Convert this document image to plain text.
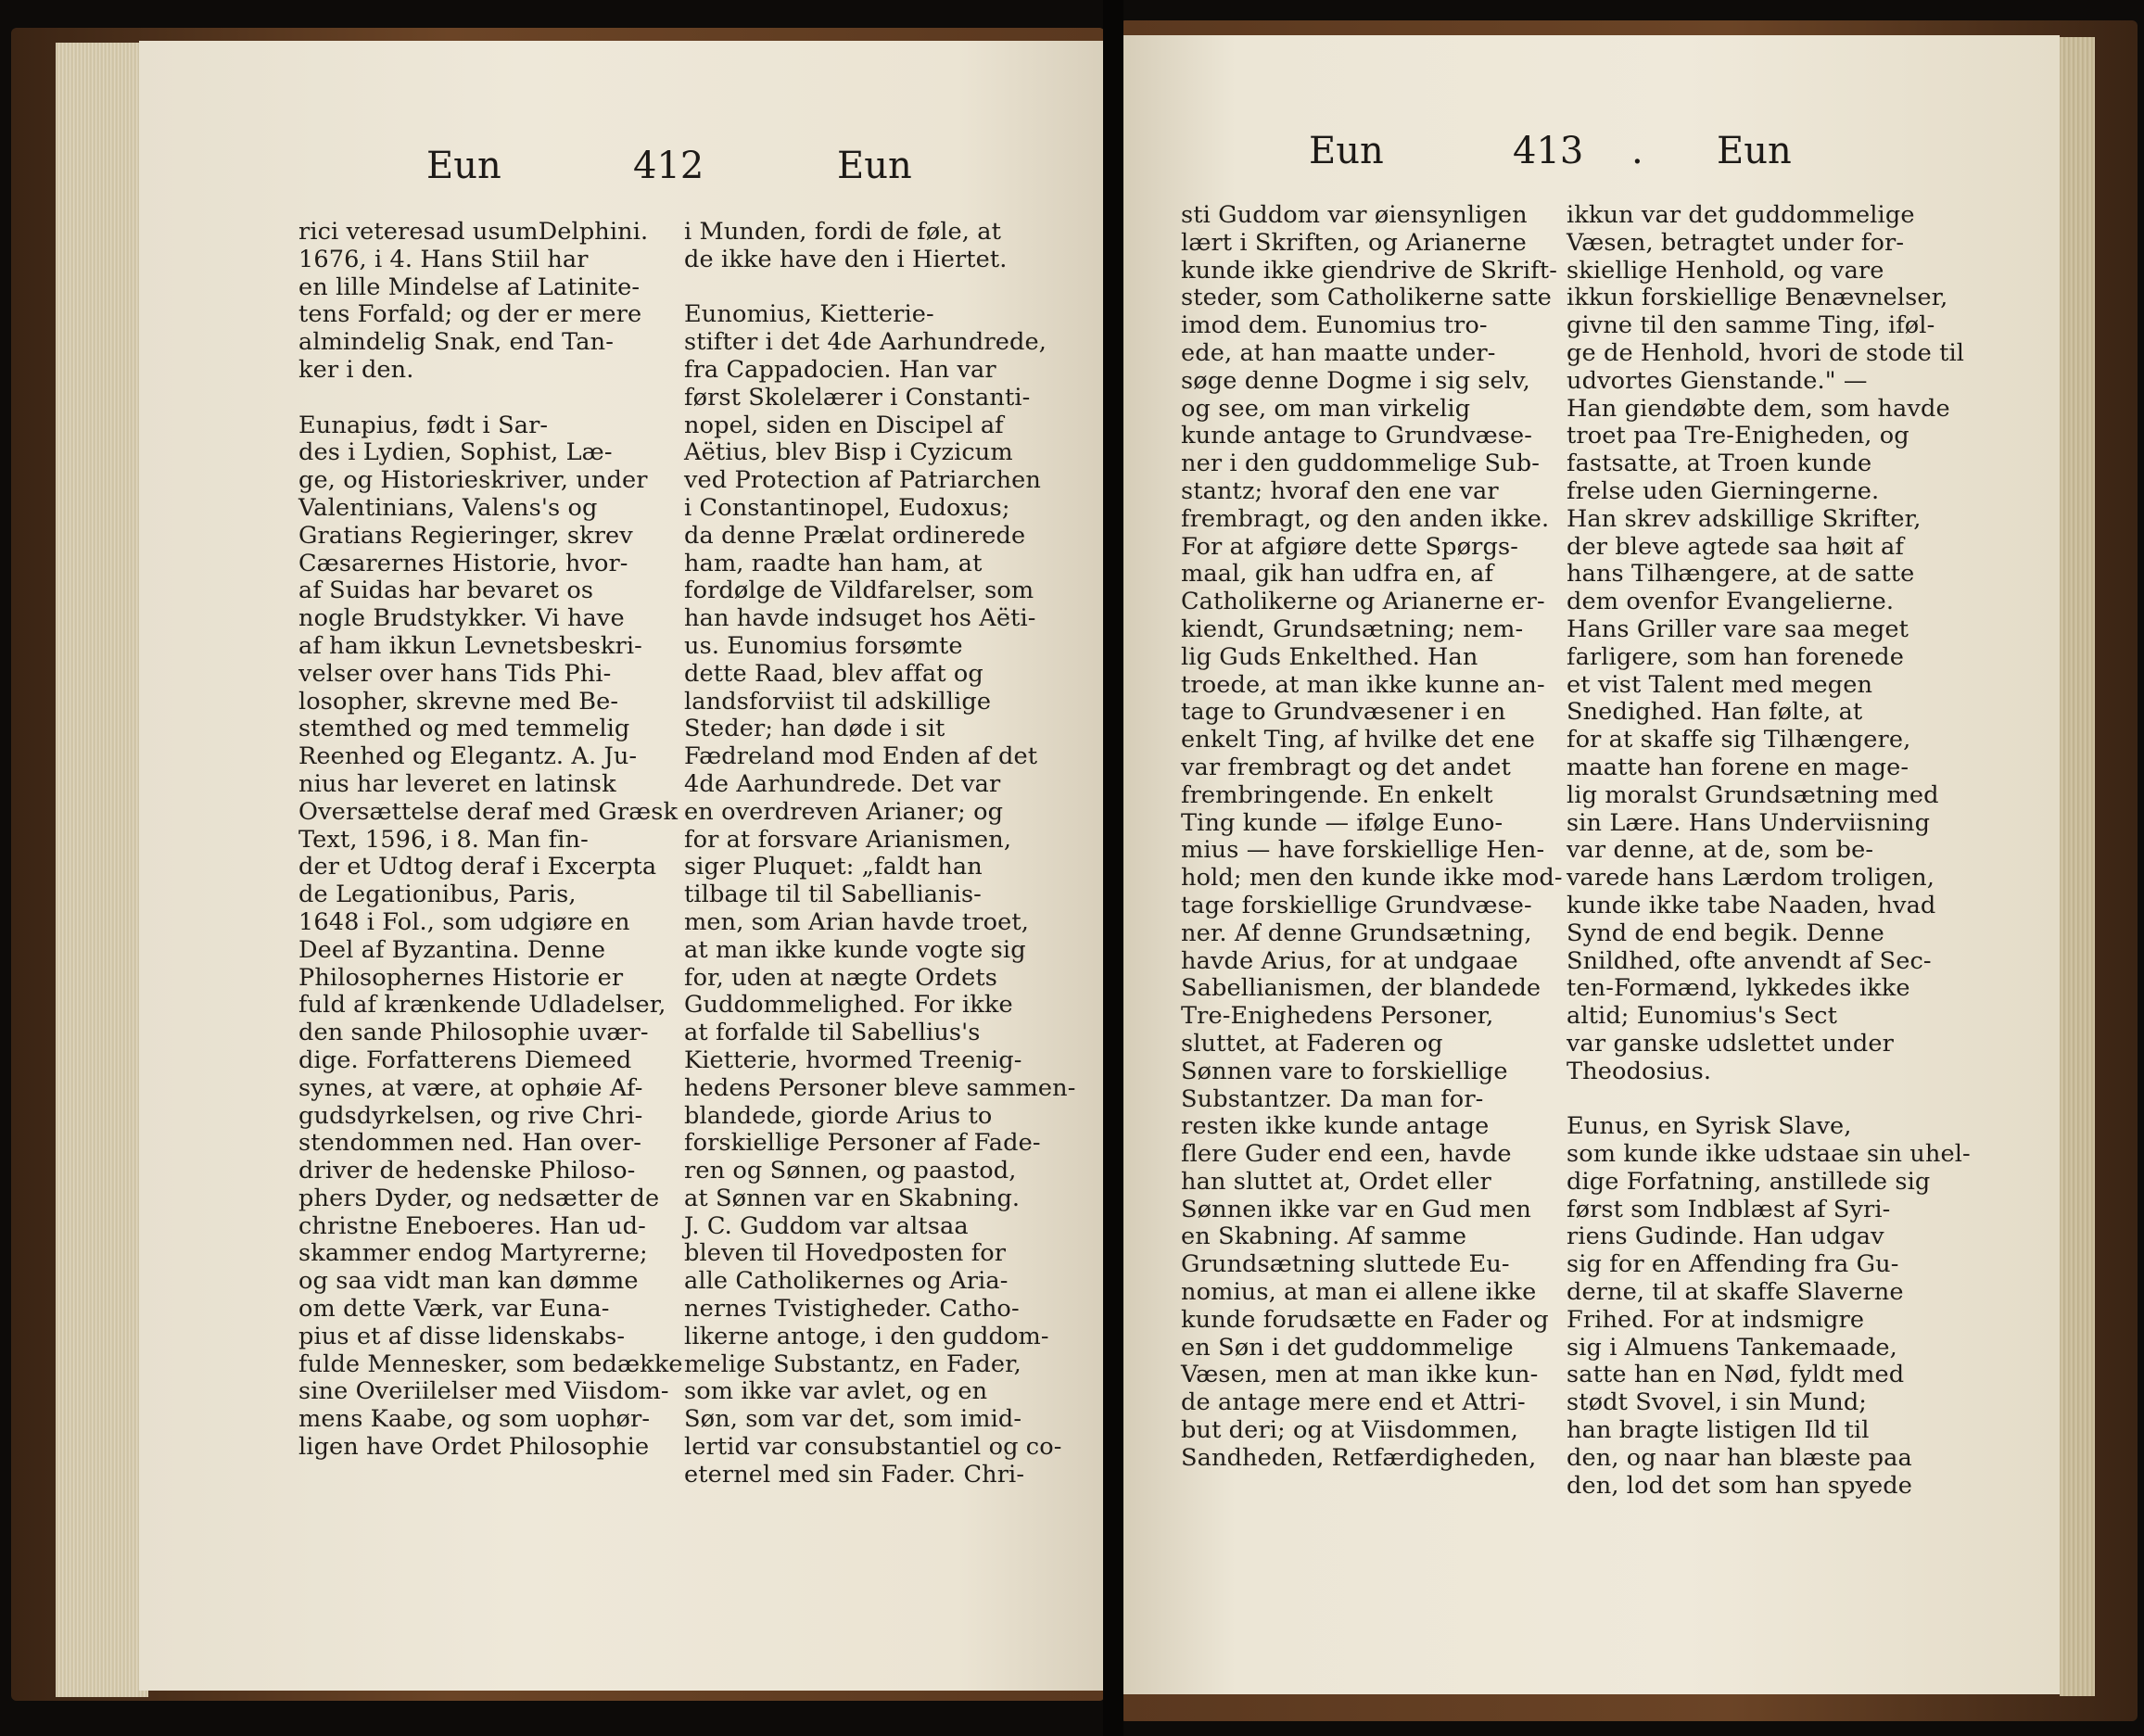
Eun	412	Eun	Eun	413 . Eun
rici veteresad usumDelphini.
1676, i 4. Hans Stiil har
en lille Mindelse af Latinite-
tens Forfald; og der er mere
almindelig Snak, end Tan-
ker i den.
Eunapius, født i Sar-
des i Lydien, Sophist, Læ-
ge, og Historieskriver, under
Valentinians, Valens's og
Gratians Regieringer, skrev
Cæsarernes Historie, hvor-
af Suidas har bevaret os
nogle Brudstykker. Vi have
af ham ikkun Levnetsbeskri-
velser over hans Tids Phi-
losopher, skrevne med Be-
stemthed og med temmelig
Reenhed og Elegantz. A. Ju-
nius har leveret en latinsk
Oversættelse deraf med Græsk
Text, 1596, i 8. Man fin-
der et Udtog deraf i Excerpta
de Legationibus, Paris,
1648 i Fol., som udgiøre en
Deel af Byzantina. Denne
Philosophernes Historie er
fuld af krænkende Udladelser,
den sande Philosophie uvær-
dige. Forfatterens Diemeed
synes, at være, at ophøie Af-
gudsdyrkelsen, og rive Chri-
stendommen ned. Han over-
driver de hedenske Philoso-
phers Dyder, og nedsætter de
christne Eneboeres. Han ud-
skammer endog Martyrerne;
og saa vidt man kan dømme
om dette Værk, var Euna-
pius et af disse lidenskabs-
fulde Mennesker, som bedække
sine Overiilelser med Viisdom-
mens Kaabe, og som uophør-
ligen have Ordet Philosophie
i Munden, fordi de føle, at
de ikke have den i Hiertet.
Eunomius, Kietterie-
stifter i det 4de Aarhundrede,
fra Cappadocien. Han var
først Skolelærer i Constanti-
nopel, siden en Discipel af
Aëtius, blev Bisp i Cyzicum
ved Protection af Patriarchen
i Constantinopel, Eudoxus;
da denne Prælat ordinerede
ham, raadte han ham, at
fordølge de Vildfarelser, som
han havde indsuget hos Aëti-
us. Eunomius forsømte
dette Raad, blev affat og
landsforviist til adskillige
Steder; han døde i sit
Fædreland mod Enden af det
4de Aarhundrede. Det var
en overdreven Arianer; og
for at forsvare Arianismen,
siger Pluquet: „faldt han
tilbage til til Sabellianis-
men, som Arian havde troet,
at man ikke kunde vogte sig
for, uden at nægte Ordets
Guddommelighed. For ikke
at forfalde til Sabellius's
Kietterie, hvormed Treenig-
hedens Personer bleve sammen-
blandede, giorde Arius to
forskiellige Personer af Fade-
ren og Sønnen, og paastod,
at Sønnen var en Skabning.
J. C. Guddom var altsaa
bleven til Hovedposten for
alle Catholikernes og Aria-
nernes Tvistigheder. Catho-
likerne antoge, i den guddom-
melige Substantz, en Fader,
som ikke var avlet, og en
Søn, som var det, som imid-
lertid var consubstantiel og co-
eternel med sin Fader. Chri-
sti Guddom var øiensynligen
lært i Skriften, og Arianerne
kunde ikke giendrive de Skrift-
steder, som Catholikerne satte
imod dem. Eunomius tro-
ede, at han maatte under-
søge denne Dogme i sig selv,
og see, om man virkelig
kunde antage to Grundvæse-
ner i den guddommelige Sub-
stantz; hvoraf den ene var
frembragt, og den anden ikke.
For at afgiøre dette Spørgs-
maal, gik han udfra en, af
Catholikerne og Arianerne er-
kiendt, Grundsætning; nem-
lig Guds Enkelthed. Han
troede, at man ikke kunne an-
tage to Grundvæsener i en
enkelt Ting, af hvilke det ene
var frembragt og det andet
frembringende. En enkelt
Ting kunde — ifølge Euno-
mius — have forskiellige Hen-
hold; men den kunde ikke mod-
tage forskiellige Grundvæse-
ner. Af denne Grundsætning,
havde Arius, for at undgaae
Sabellianismen, der blandede
Tre-Enighedens Personer,
sluttet, at Faderen og
Sønnen vare to forskiellige
Substantzer. Da man for-
resten ikke kunde antage
flere Guder end een, havde
han sluttet at, Ordet eller
Sønnen ikke var en Gud men
en Skabning. Af samme
Grundsætning sluttede Eu-
nomius, at man ei allene ikke
kunde forudsætte en Fader og
en Søn i det guddommelige
Væsen, men at man ikke kun-
de antage mere end et Attri-
but deri; og at Viisdommen,
Sandheden, Retfærdigheden,
ikkun var det guddommelige
Væsen, betragtet under for-
skiellige Henhold, og vare
ikkun forskiellige Benævnelser,
givne til den samme Ting, iføl-
ge de Henhold, hvori de stode til
udvortes Gienstande." —
Han giendøbte dem, som havde
troet paa Tre-Enigheden, og
fastsatte, at Troen kunde
frelse uden Gierningerne.
Han skrev adskillige Skrifter,
der bleve agtede saa høit af
hans Tilhængere, at de satte
dem ovenfor Evangelierne.
Hans Griller vare saa meget
farligere, som han forenede
et vist Talent med megen
Snedighed. Han følte, at
for at skaffe sig Tilhængere,
maatte han forene en mage-
lig moralst Grundsætning med
sin Lære. Hans Underviisning
var denne, at de, som be-
varede hans Lærdom troligen,
kunde ikke tabe Naaden, hvad
Synd de end begik. Denne
Snildhed, ofte anvendt af Sec-
ten-Formænd, lykkedes ikke
altid; Eunomius's Sect
var ganske udslettet under
Theodosius.
Eunus, en Syrisk Slave,
som kunde ikke udstaae sin uhel-
dige Forfatning, anstillede sig
først som Indblæst af Syri-
riens Gudinde. Han udgav
sig for en Affending fra Gu-
derne, til at skaffe Slaverne
Frihed. For at indsmigre
sig i Almuens Tankemaade,
satte han en Nød, fyldt med
stødt Svovel, i sin Mund;
han bragte listigen Ild til
den, og naar han blæste paa
den, lod det som han spyede
